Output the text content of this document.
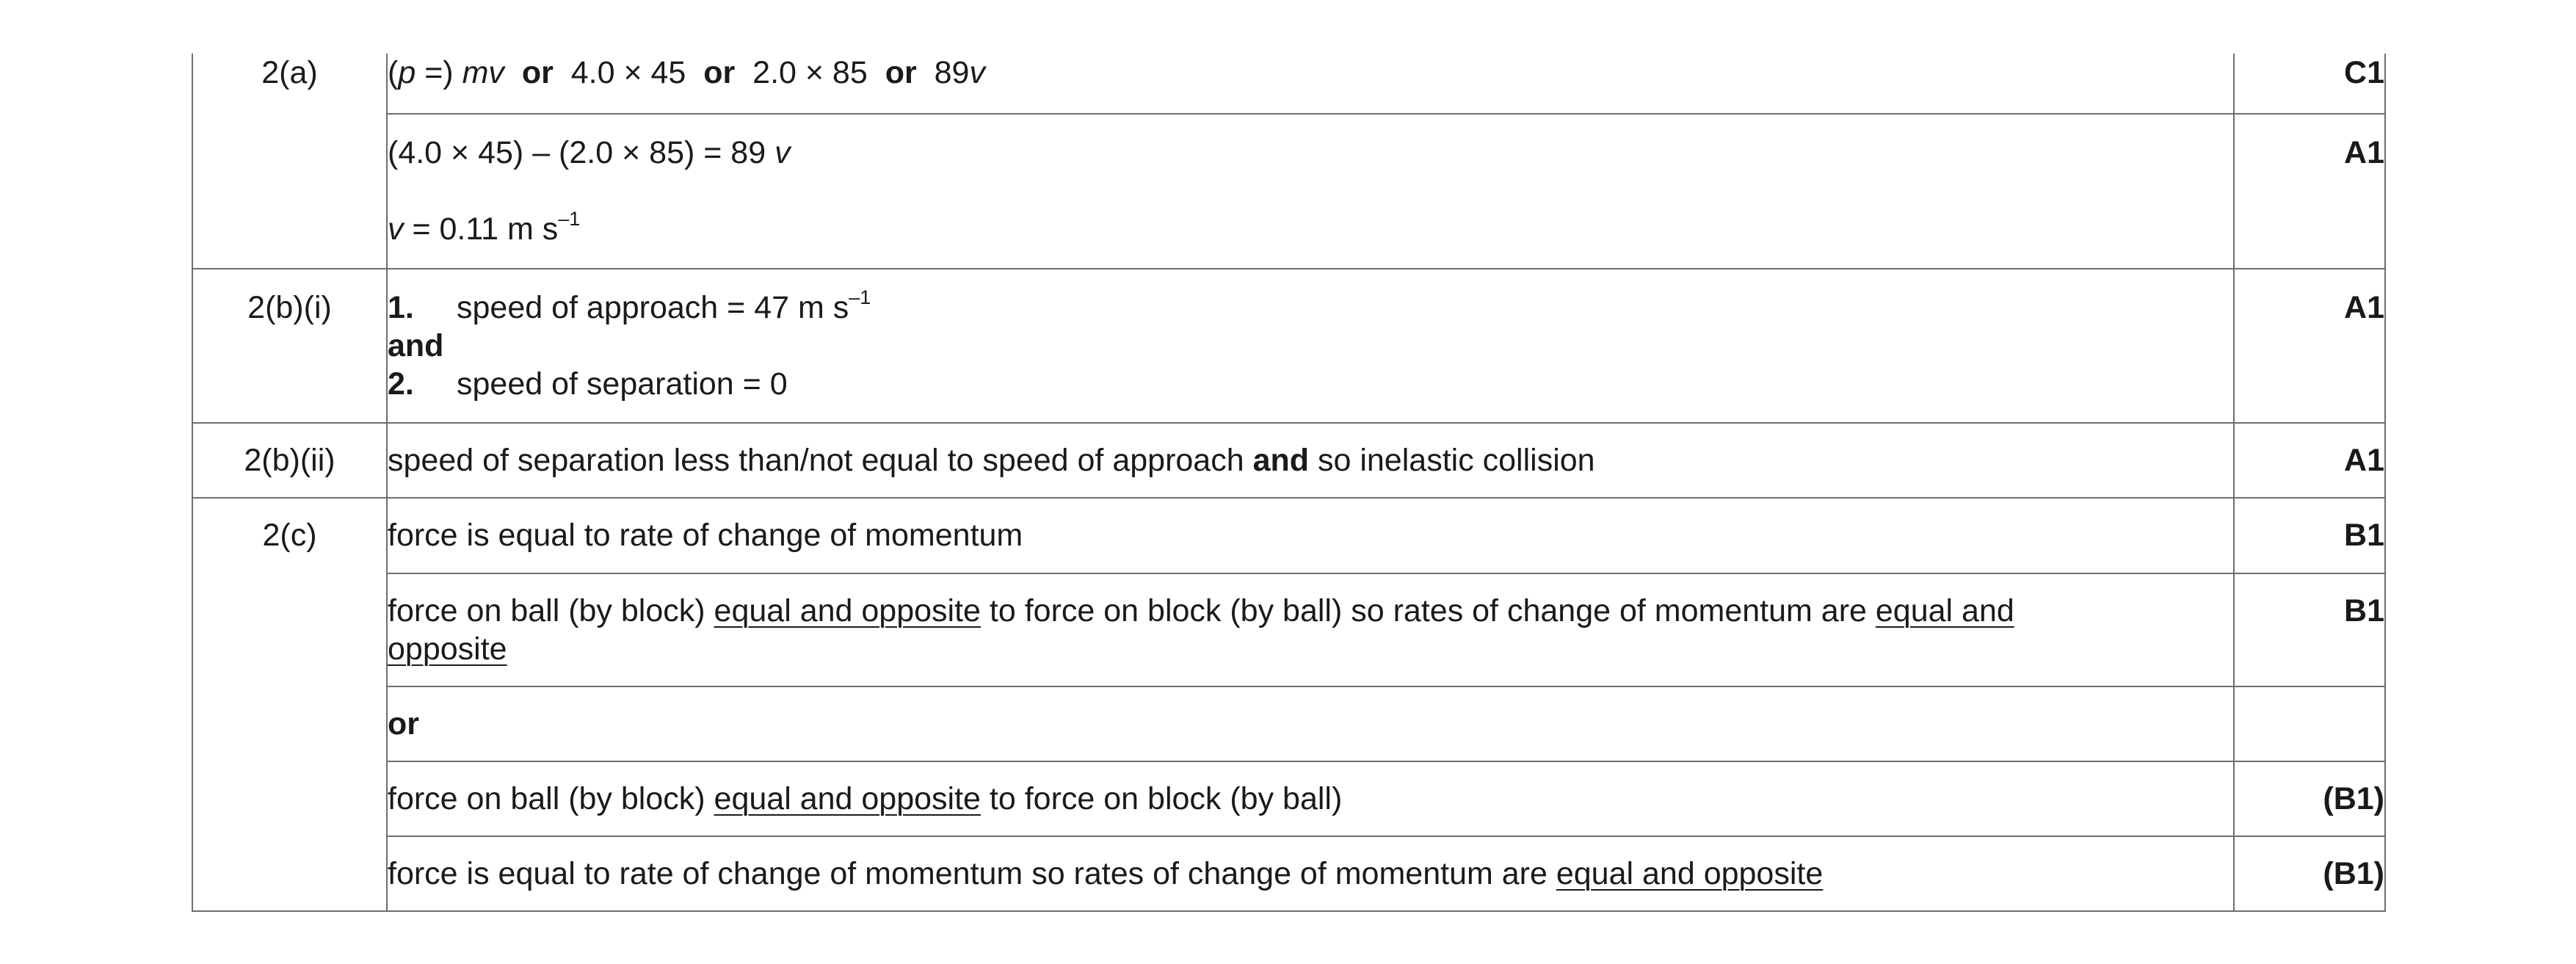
2(a)	(p =) mv or 4.0 × 45 or 2.0 × 85 or 89v	C1

	(4.0 × 45) – (2.0 × 85) = 89 v
v = 0.11 m $s^{-1}$	A1

2(b)(i)	1. speed of approach = 47 m $s^{-1}$
and
2. speed of separation = 0	A1

2(b)(ii)	speed of separation less than/not equal to speed of approach and so inelastic collision	A1

2(c)	force is equal to rate of change of momentum	B1

	force on ball (by block) equal and opposite to force on block (by ball) so rates of change of momentum are equal and
opposite	B1

	or	

	force on ball (by block) equal and opposite to force on block (by ball)	(B1)

	force is equal to rate of change of momentum so rates of change of momentum are equal and opposite	(B1)
